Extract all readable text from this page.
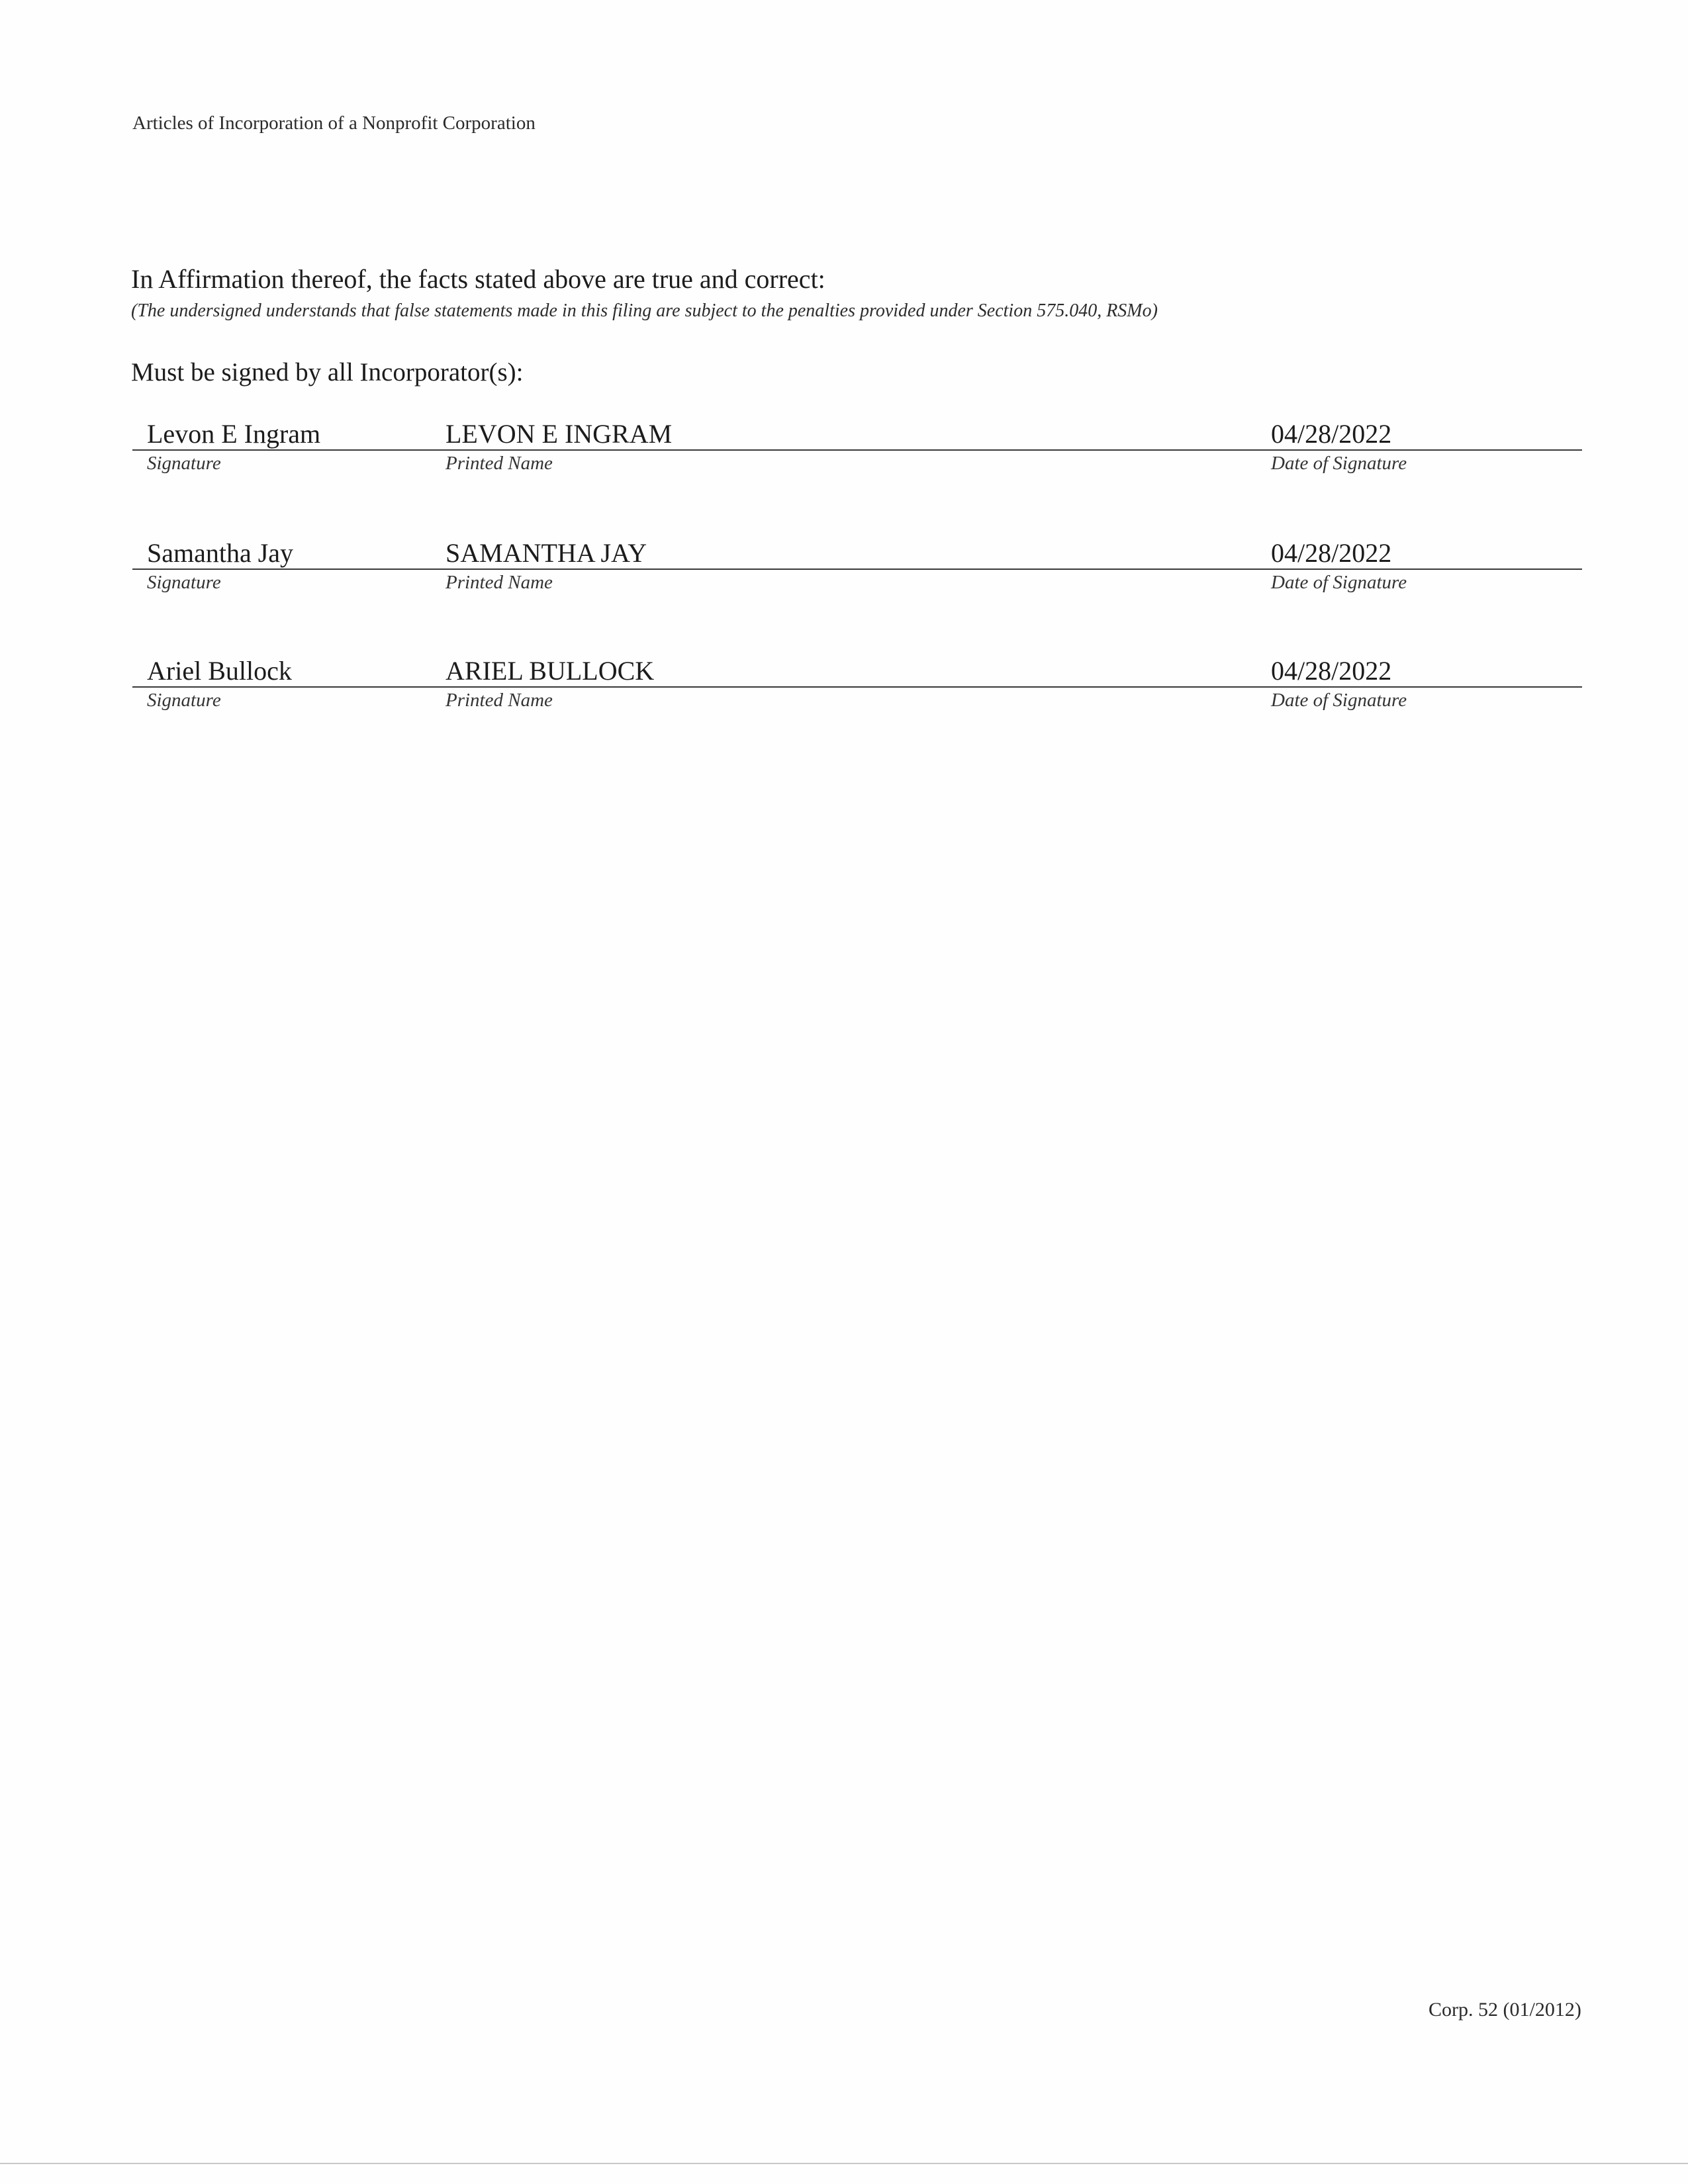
Articles of Incorporation of a Nonprofit Corporation
In Affirmation thereof, the facts stated above are true and correct:
(The undersigned understands that false statements made in this filing are subject to the penalties provided under Section 575.040, RSMo)
Must be signed by all Incorporator(s):
Levon E Ingram	LEVON E INGRAM	04/28/2022
Signature	Printed Name	Date of Signature
Samantha Jay	SAMANTHA JAY	04/28/2022
Signature	Printed Name	Date of Signature
Ariel Bullock	ARIEL BULLOCK	04/28/2022
Signature	Printed Name	Date of Signature
Corp. 52 (01/2012)
